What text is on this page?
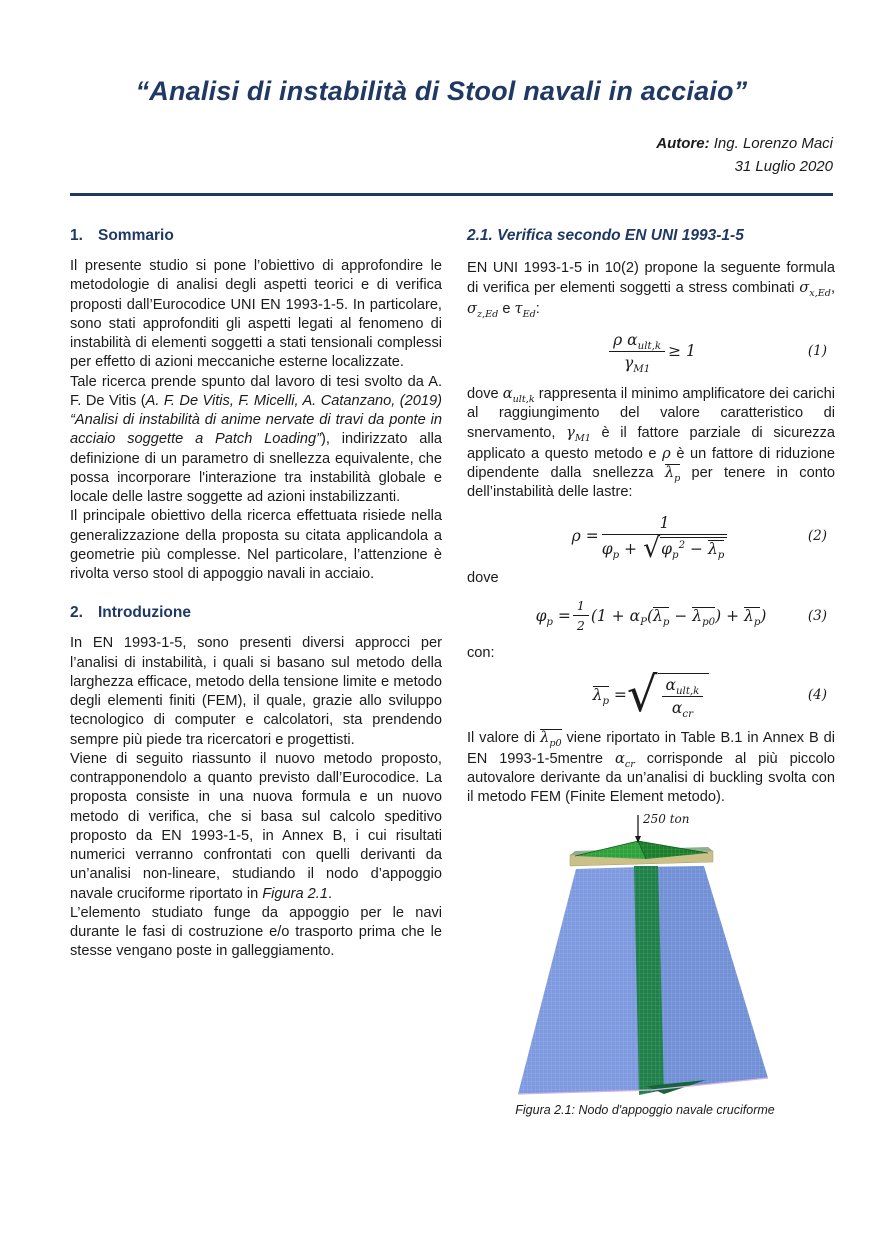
“Analisi di instabilità di Stool navali in acciaio”
Autore: Ing. Lorenzo Maci
31 Luglio 2020
1. Sommario

Il presente studio si pone l’obiettivo di approfondire le metodologie di analisi degli aspetti teorici e di verifica proposti dall’Eurocodice UNI EN 1993-1-5. In particolare, sono stati approfonditi gli aspetti legati al fenomeno di instabilità di elementi soggetti a stati tensionali complessi per effetto di azioni meccaniche esterne localizzate.

Tale ricerca prende spunto dal lavoro di tesi svolto da A. F. De Vitis (A. F. De Vitis, F. Micelli, A. Catanzano, (2019) “Analisi di instabilità di anime nervate di travi da ponte in acciaio soggette a Patch Loading”), indirizzato alla definizione di un parametro di snellezza equivalente, che possa incorporare l'interazione tra instabilità globale e locale delle lastre soggette ad azioni instabilizzanti.

Il principale obiettivo della ricerca effettuata risiede nella generalizzazione della proposta su citata applicandola a geometrie più complesse. Nel particolare, l’attenzione è rivolta verso stool di appoggio navali in acciaio.

2. Introduzione

In EN 1993-1-5, sono presenti diversi approcci per l’analisi di instabilità, i quali si basano sul metodo della larghezza efficace, metodo della tensione limite e metodo degli elementi finiti (FEM), il quale, grazie allo sviluppo tecnologico di computer e calcolatori, sta prendendo sempre più piede tra ricercatori e progettisti.

Viene di seguito riassunto il nuovo metodo proposto, contrapponendolo a quanto previsto dall’Eurocodice. La proposta consiste in una nuova formula e un nuovo metodo di verifica, che si basa sul calcolo speditivo proposto da EN 1993-1-5, in Annex B, i cui risultati numerici verranno confrontati con quelli derivanti da un’analisi non-lineare, studiando il nodo d’appoggio navale cruciforme riportato in Figura 2.1.

L’elemento studiato funge da appoggio per le navi durante le fasi di costruzione e/o trasporto prima che le stesse vengano poste in galleggiamento.

2.1. Verifica secondo EN UNI 1993-1-5

EN UNI 1993-1-5 in 10(2) propone la seguente formula di verifica per elementi soggetti a stress combinati $\sigma_{x,Ed}$, $\sigma_{z,Ed}$ e $\tau_{Ed}$:

$\frac{\rho \alpha_{ult,k}}{\gamma_{M1}} \ge 1$	(1)

dove $\alpha_{ult,k}$ rappresenta il minimo amplificatore dei carichi al raggiungimento del valore caratteristico di snervamento, $\gamma_{M1}$ è il fattore parziale di sicurezza applicato a questo metodo e ρ è un fattore di riduzione dipendente dalla snellezza $\lambda_p$ per tenere in conto dell’instabilità delle lastre:

$\rho = \frac{1}{\varphi_p + √\varphi_p^2 - \lambda_p}$	(2)
dove
$\varphi_p = \frac{1}{2} (1 + \alpha_P(\lambda_p - \lambda_{p0}) + \lambda_p)$	(3)
con:
$\lambda_p$ = √ $\frac{\alpha_{ult,k}}{\alpha_{cr}}$	(4)

Il valore di $\lambda_{p0}$ viene riportato in Table B.1 in Annex B di EN 1993-1-5mentre $\alpha_{cr}$ corrisponde al più piccolo autovalore derivante da un’analisi di buckling svolta con il metodo FEM (Finite Element metodo).

250 ton
Figura 2.1: Nodo d'appoggio navale cruciforme
